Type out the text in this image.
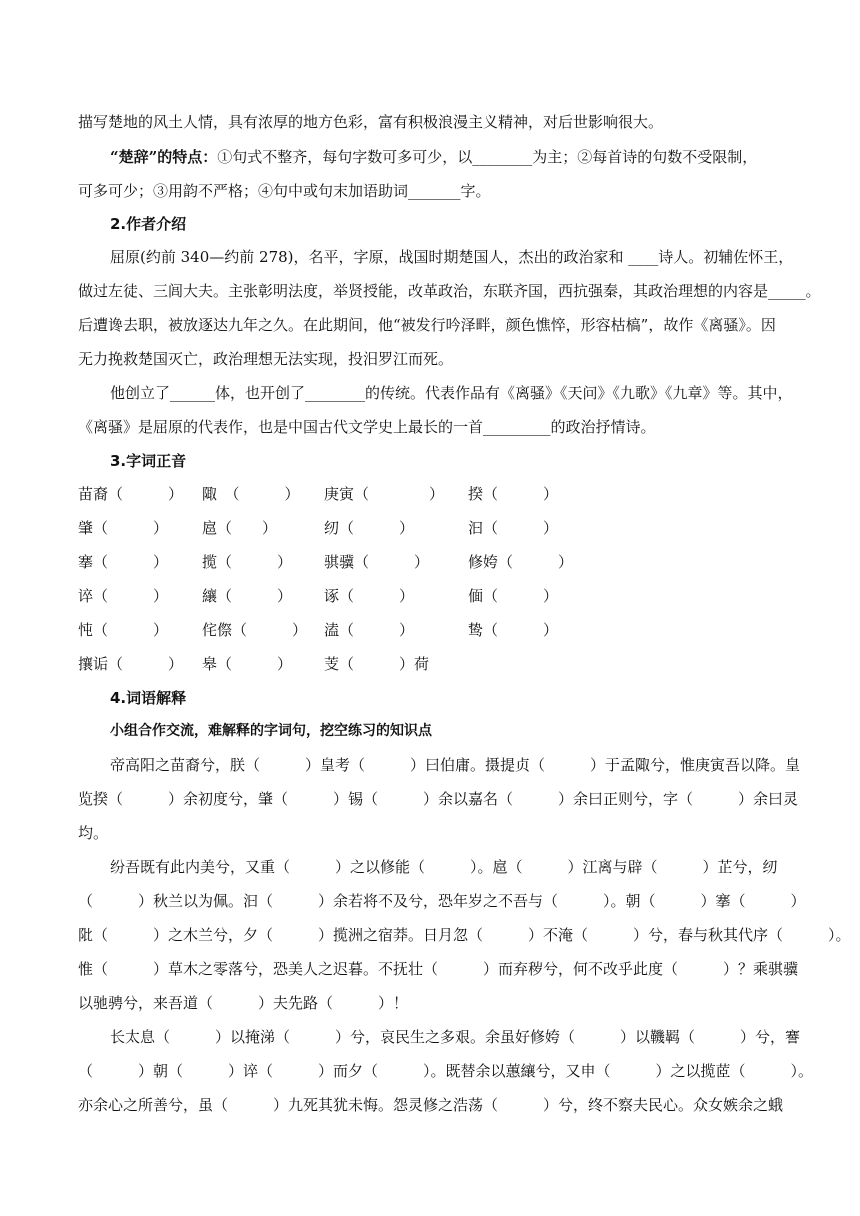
描写楚地的风土人情，具有浓厚的地方色彩，富有积极浪漫主义精神，对后世影响很大。
“楚辞”的特点：①句式不整齐，每句字数可多可少，以________为主；②每首诗的句数不受限制，
可多可少；③用韵不严格；④句中或句末加语助词_______字。
2.作者介绍
屈原(约前 340—约前 278)，名平，字原，战国时期楚国人，杰出的政治家和 ____诗人。初辅佐怀王，
做过左徒、三闾大夫。主张彰明法度，举贤授能，改革政治，东联齐国，西抗强秦，其政治理想的内容是_____。
后遭谗去职，被放逐达九年之久。在此期间，他“被发行吟泽畔，颜色憔悴，形容枯槁”，故作《离骚》。因
无力挽救楚国灭亡，政治理想无法实现，投汨罗江而死。
他创立了______体，也开创了________的传统。代表作品有《离骚》《天问》《九歌》《九章》等。其中，
《离骚》是屈原的代表作，也是中国古代文学史上最长的一首_________的政治抒情诗。
3.字词正音
苗裔（　　　） 陬　（　　　） 庚寅（　　　　） 揆（　　　）
肇（　　　） 扈（　　）	纫（　　　）	汩（　　　）
搴（　　　） 揽（　　　） 骐骥（　　　）	修姱（　　　）
谇（　　　） 纕（　　　） 诼（　　　）	偭（　　　）
忳（　　　） 侘傺（　　　） 溘（　　　）	鸷（　　　）
攘诟（　　　） 皋（　　　） 芰（　　　）荷
4.词语解释
小组合作交流，难解释的字词句，挖空练习的知识点
帝高阳之苗裔兮，朕（　　　）皇考（　　　）曰伯庸。摄提贞（　　　）于孟陬兮，惟庚寅吾以降。皇
览揆（　　　）余初度兮，肇（　　　）锡（　　　）余以嘉名（　　　）余曰正则兮，字（　　　）余曰灵
均。
纷吾既有此内美兮，又重（　　　）之以修能（　　　）。扈（　　　）江离与辟（　　　）芷兮，纫
（　　　）秋兰以为佩。汩（　　　）余若将不及兮，恐年岁之不吾与（　　　）。朝（　　　）搴（　　　）
阰（　　　）之木兰兮，夕（　　　）揽洲之宿莽。日月忽（　　　）不淹（　　　）兮，春与秋其代序（　　　）。
惟（　　　）草木之零落兮，恐美人之迟暮。不抚壮（　　　）而弃秽兮，何不改乎此度（　　　）？乘骐骥
以驰骋兮，来吾道（　　　）夫先路（　　　）！
长太息（　　　）以掩涕（　　　）兮，哀民生之多艰。余虽好修姱（　　　）以鞿羁（　　　）兮，謇
（　　　）朝（　　　）谇（　　　）而夕（　　　）。既替余以蕙纕兮，又申（　　　）之以揽茝（　　　）。
亦余心之所善兮，虽（　　　）九死其犹未悔。怨灵修之浩荡（　　　）兮，终不察夫民心。众女嫉余之蛾
